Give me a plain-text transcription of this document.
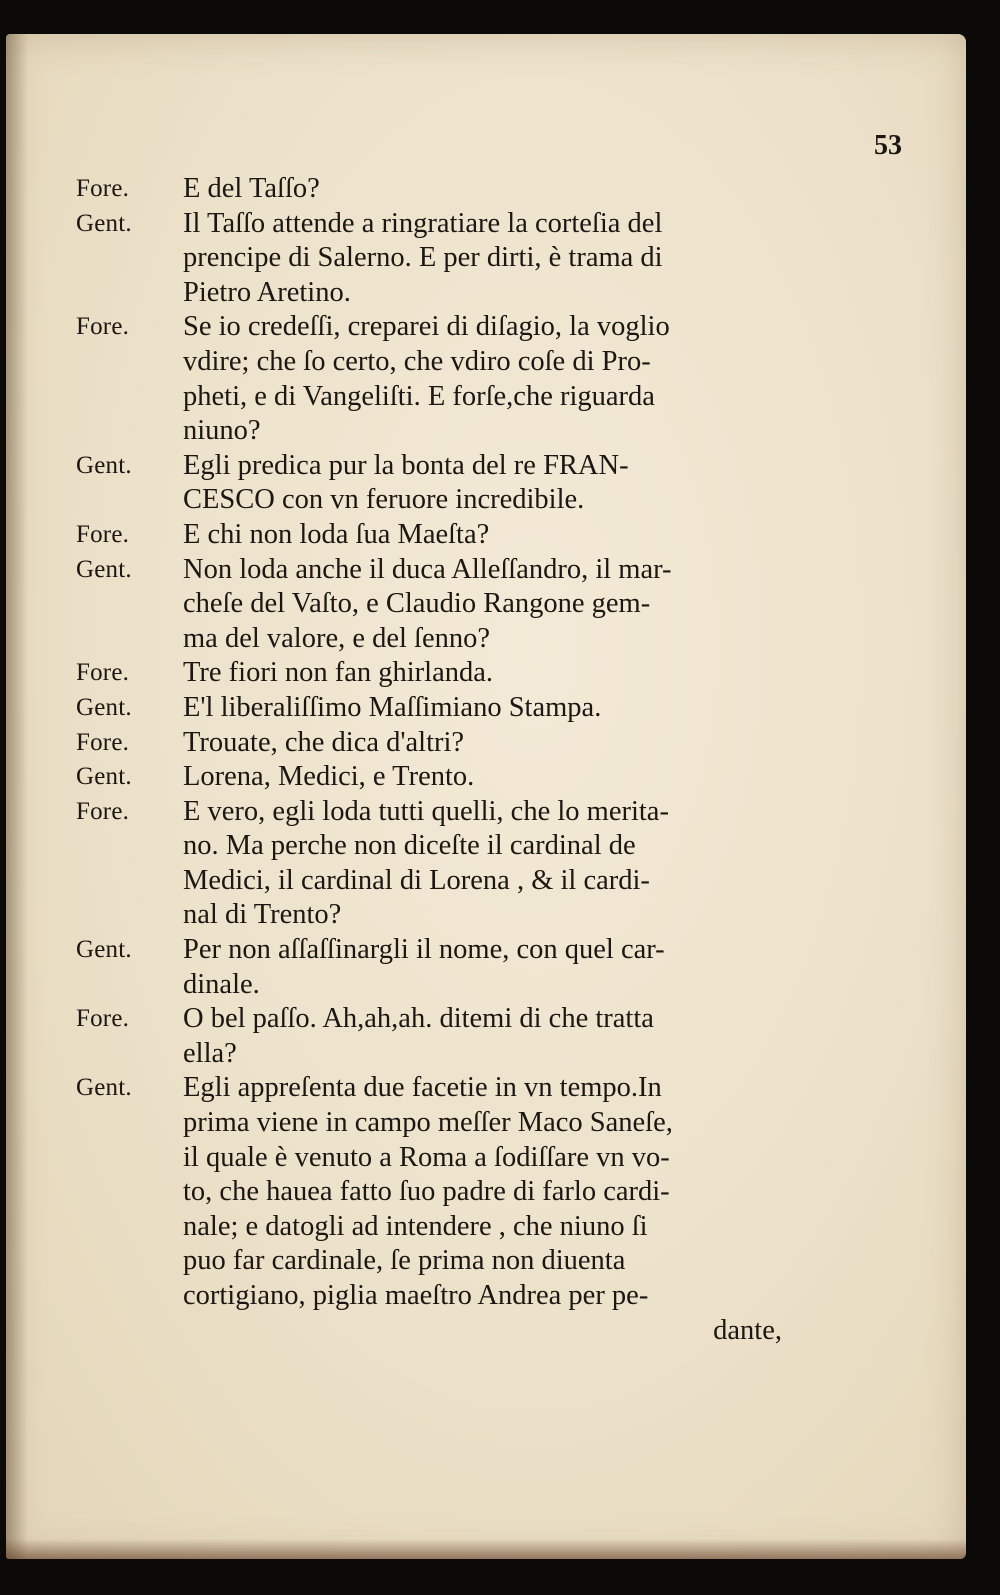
53
Fore.	E del Taſſo?
Gent.	Il Taſſo attende a ringratiare la corteſia del
prencipe di Salerno. E per dirti, è trama di
Pietro Aretino.
Fore.	Se io credeſſi, creparei di diſagio, la voglio
vdire; che ſo certo, che vdiro coſe di Pro-
pheti, e di Vangeliſti. E forſe,che riguarda
niuno?
Gent.	Egli predica pur la bonta del re FRAN-
CESCO con vn feruore incredibile.
Fore.	E chi non loda ſua Maeſta?
Gent.	Non loda anche il duca Alleſſandro, il mar-
cheſe del Vaſto, e Claudio Rangone gem-
ma del valore, e del ſenno?
Fore.	Tre fiori non fan ghirlanda.
Gent.	E'l liberaliſſimo Maſſimiano Stampa.
Fore.	Trouate, che dica d'altri?
Gent.	Lorena, Medici, e Trento.
Fore.	E vero, egli loda tutti quelli, che lo merita-
no. Ma perche non diceſte il cardinal de
Medici, il cardinal di Lorena , & il cardi-
nal di Trento?
Gent.	Per non aſſaſſinargli il nome, con quel car-
dinale.
Fore.	O bel paſſo. Ah,ah,ah. ditemi di che tratta
ella?
Gent.	Egli appreſenta due facetie in vn tempo.In
prima viene in campo meſſer Maco Saneſe,
il quale è venuto a Roma a ſodiſſare vn vo-
to, che hauea fatto ſuo padre di farlo cardi-
nale; e datogli ad intendere , che niuno ſi
puo far cardinale, ſe prima non diuenta
cortigiano, piglia maeſtro Andrea per pe-
dante,
